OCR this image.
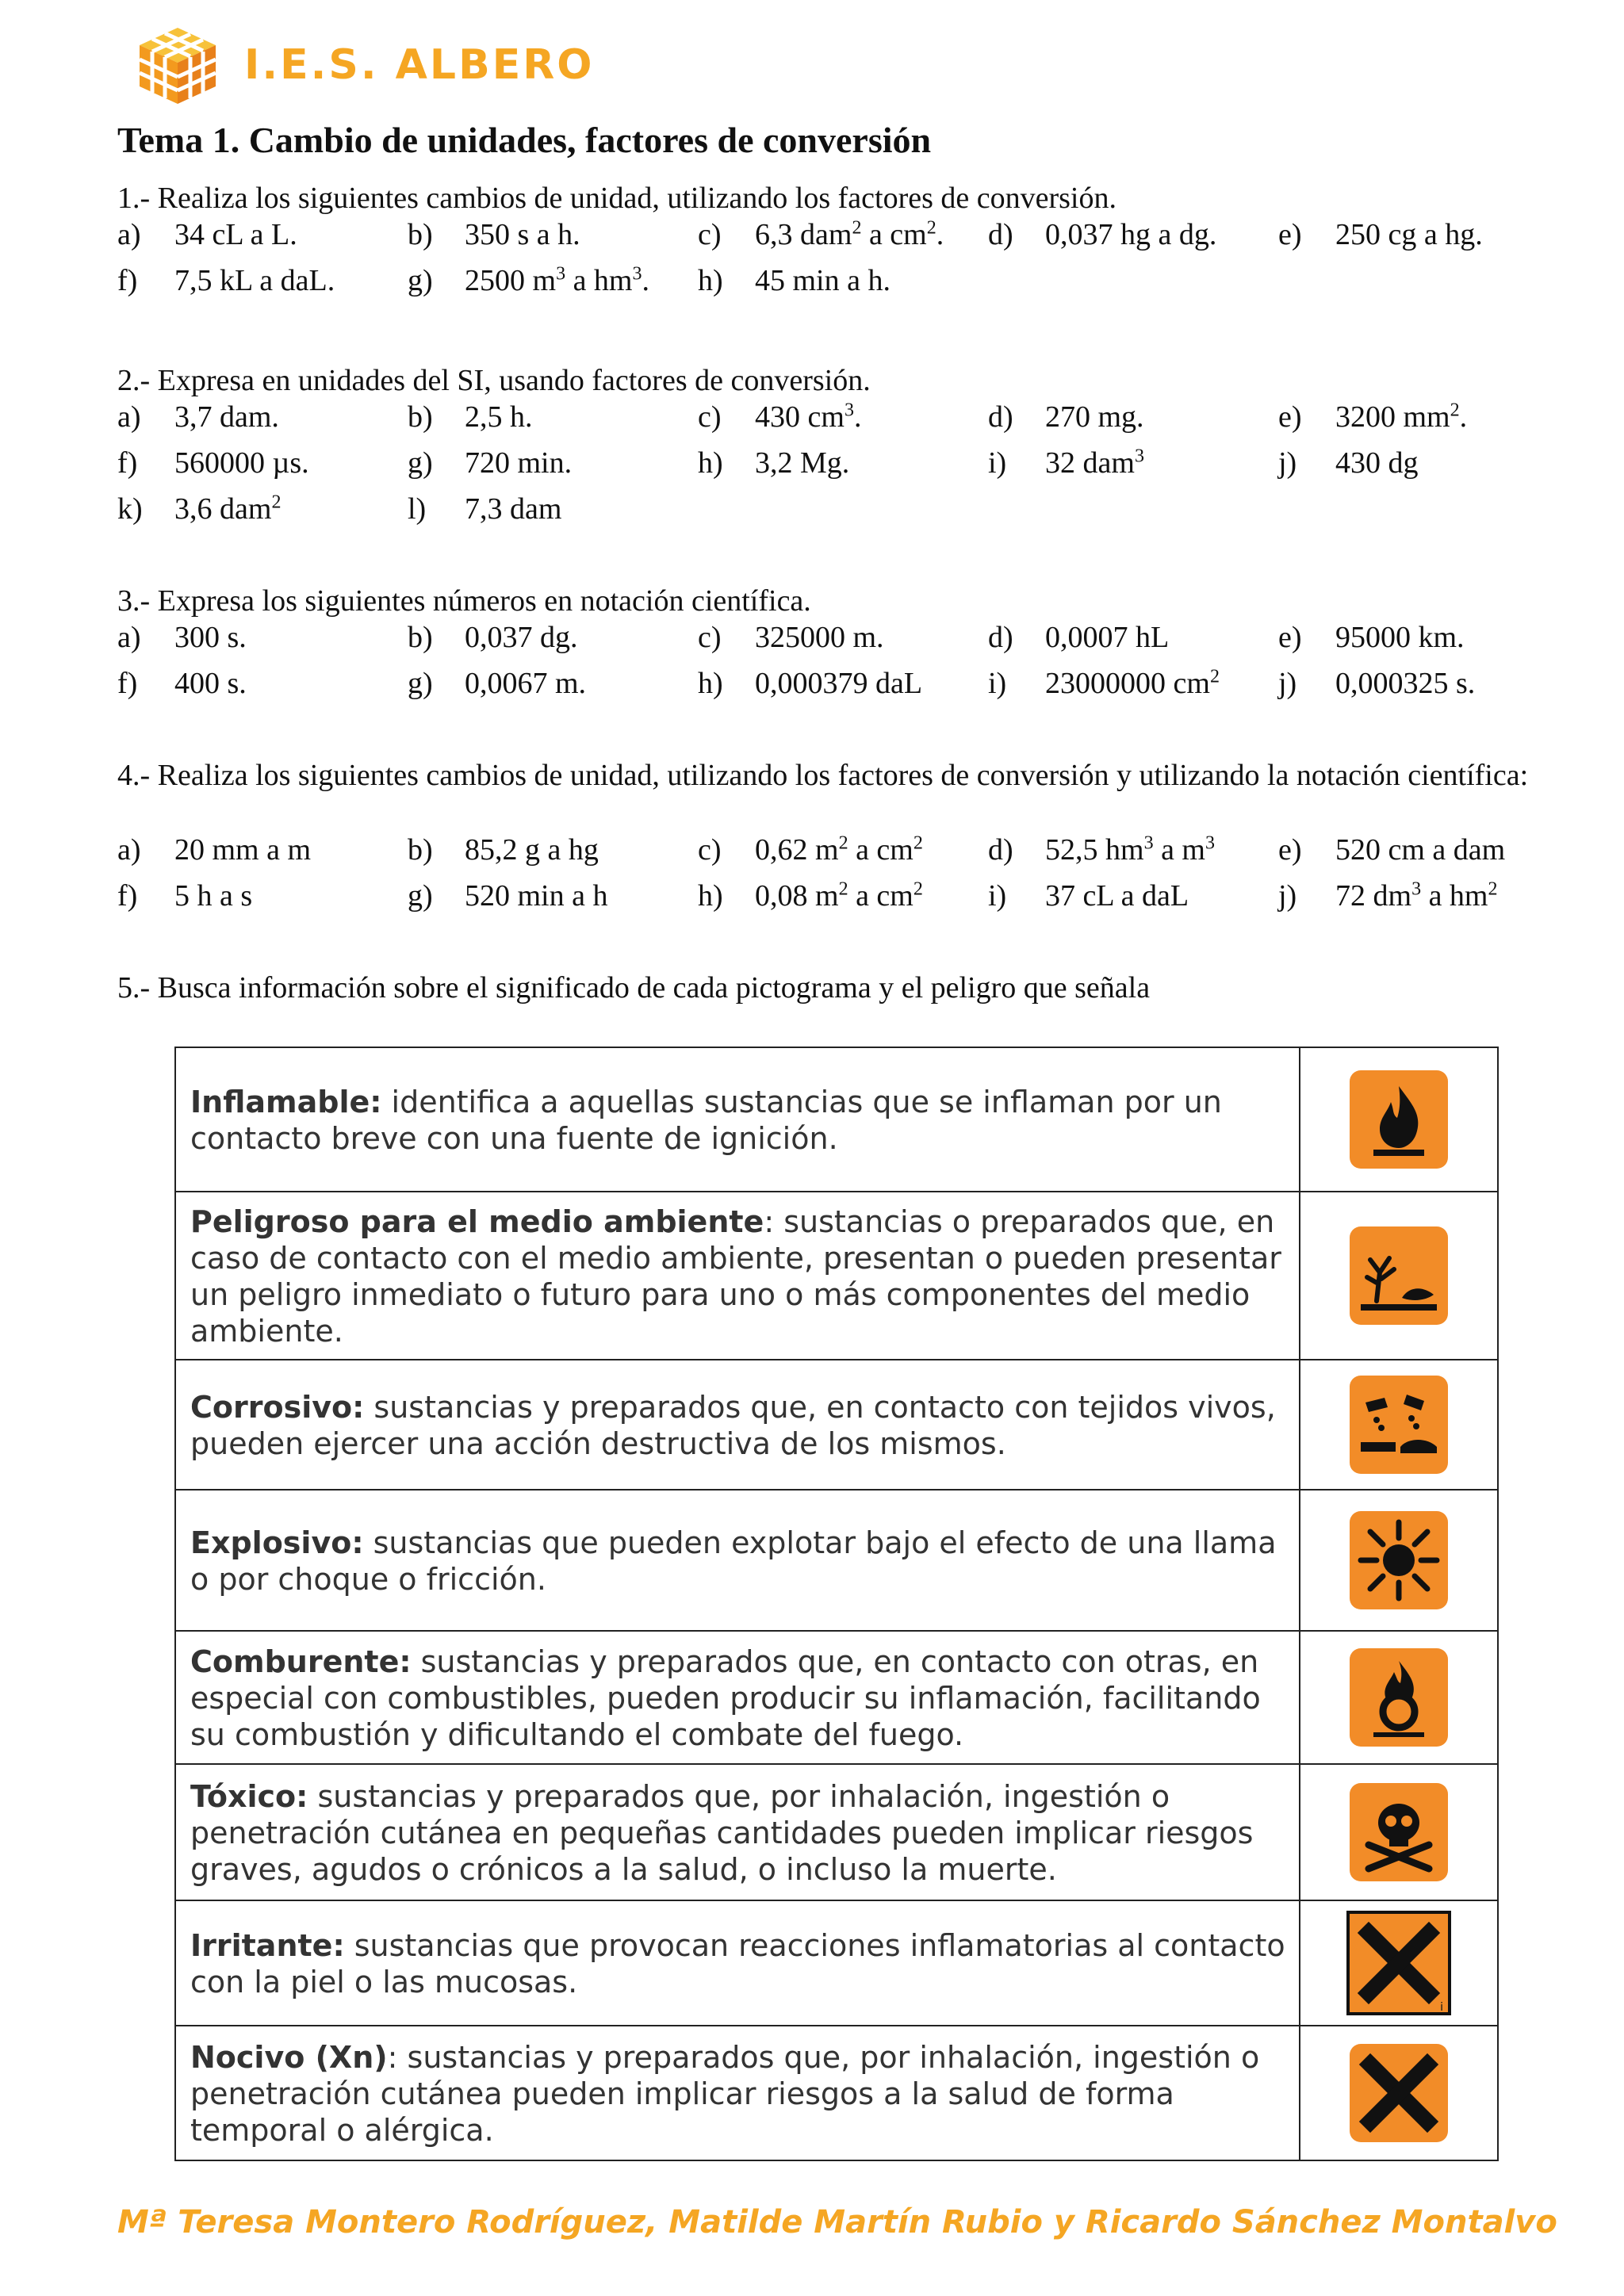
I.E.S. ALBERO
Tema 1. Cambio de unidades, factores de conversión
1.- Realiza los siguientes cambios de unidad, utilizando los factores de conversión.
a) 34 cL a L.	b) 350 s a h.	c) 6,3 dam$^2$ a $cm^2$. d) 0,037 hg a dg. e) 250 cg a hg.
f) 7,5 kL a daL. g) 2500 $m^3$ a $hm^3$. h) 45 min a h.
2.- Expresa en unidades del SI, usando factores de conversión.
a) 3,7 dam.	b) 2,5 h.	c) 430 $cm^3$.	d) 270 mg.	e) 3200 $mm^2$.
f) 560000 µs.	g) 720 min.	h) 3,2 Mg.	i) 32 dam$^3$	j) 430 dg
k) 3,6 dam$^2$	l) 7,3 dam
3.- Expresa los siguientes números en notación científica.
a) 300 s.	b) 0,037 dg.	c) 325000 m.	d) 0,0007 hL	e) 95000 km.
f) 400 s.	g) 0,0067 m.	h) 0,000379 daL i) 23000000 $cm^2$ j) 0,000325 s.
4.- Realiza los siguientes cambios de unidad, utilizando los factores de conversión y utilizando la notación científica:
a) 20 mm a m	b) 85,2 g a hg	c) 0,62 $m^2$ a $cm^2$ d) 52,5 $hm^3$ a $m^3$ e) 520 cm a dam
f) 5 h a s	g) 520 min a h	h) 0,08 $m^2$ a $cm^2$ i) 37 cL a daL	j) 72 $dm^3$ a $hm^2$
5.- Busca información sobre el significado de cada pictograma y el peligro que señala
Inflamable: identifica a aquellas sustancias que se inflaman por un contacto breve con una fuente de ignición.	

Peligroso para el medio ambiente: sustancias o preparados que, en caso de contacto con el medio ambiente, presentan o pueden presentar un peligro inmediato o futuro para uno o más componentes del medio ambiente.	

Corrosivo: sustancias y preparados que, en contacto con tejidos vivos, pueden ejercer una acción destructiva de los mismos.	

Explosivo: sustancias que pueden explotar bajo el efecto de una llama o por choque o fricción.	

Comburente: sustancias y preparados que, en contacto con otras, en especial con combustibles, pueden producir su inflamación, facilitando su combustión y dificultando el combate del fuego.	

Tóxico: sustancias y preparados que, por inhalación, ingestión o penetración cutánea en pequeñas cantidades pueden implicar riesgos graves, agudos o crónicos a la salud, o incluso la muerte.	

Irritante: sustancias que provocan reacciones inflamatorias al contacto con la piel o las mucosas.	i

Nocivo (Xn): sustancias y preparados que, por inhalación, ingestión o penetración cutánea pueden implicar riesgos a la salud de forma temporal o alérgica.	
Mª Teresa Montero Rodríguez, Matilde Martín Rubio y Ricardo Sánchez Montalvo
